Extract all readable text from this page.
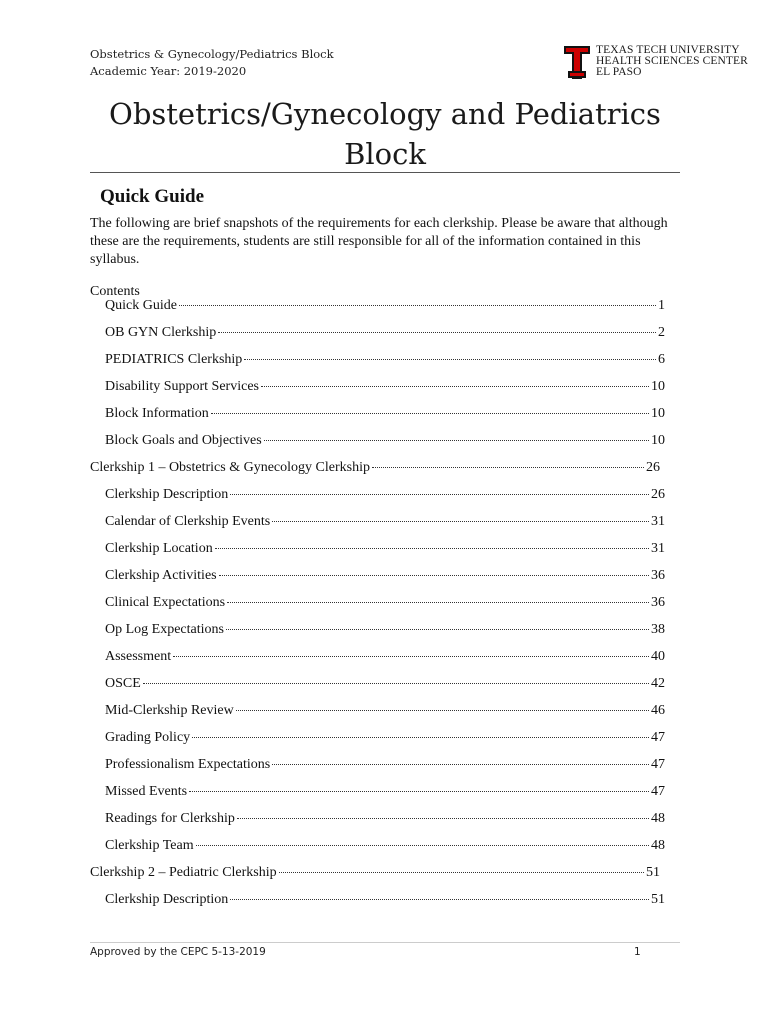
Obstetrics & Gynecology/Pediatrics Block
Academic Year: 2019-2020
TEXAS TECH UNIVERSITY
HEALTH SCIENCES CENTER
EL PASO
Obstetrics/Gynecology and Pediatrics Block
Quick Guide

The following are brief snapshots of the requirements for each clerkship. Please be aware that although these are the requirements, students are still responsible for all of the information contained in this syllabus.

Contents
Quick Guide	1
OB GYN Clerkship	2
PEDIATRICS Clerkship	6
Disability Support Services	10
Block Information	10
Block Goals and Objectives	10
Clerkship 1 – Obstetrics & Gynecology Clerkship	26
Clerkship Description	26
Calendar of Clerkship Events	31
Clerkship Location	31
Clerkship Activities	36
Clinical Expectations	36
Op Log Expectations	38
Assessment	40
OSCE	42
Mid-Clerkship Review	46
Grading Policy	47
Professionalism Expectations	47
Missed Events	47
Readings for Clerkship	48
Clerkship Team	48
Clerkship 2 – Pediatric Clerkship	51
Clerkship Description	51
Approved by the CEPC 5-13-2019	1
